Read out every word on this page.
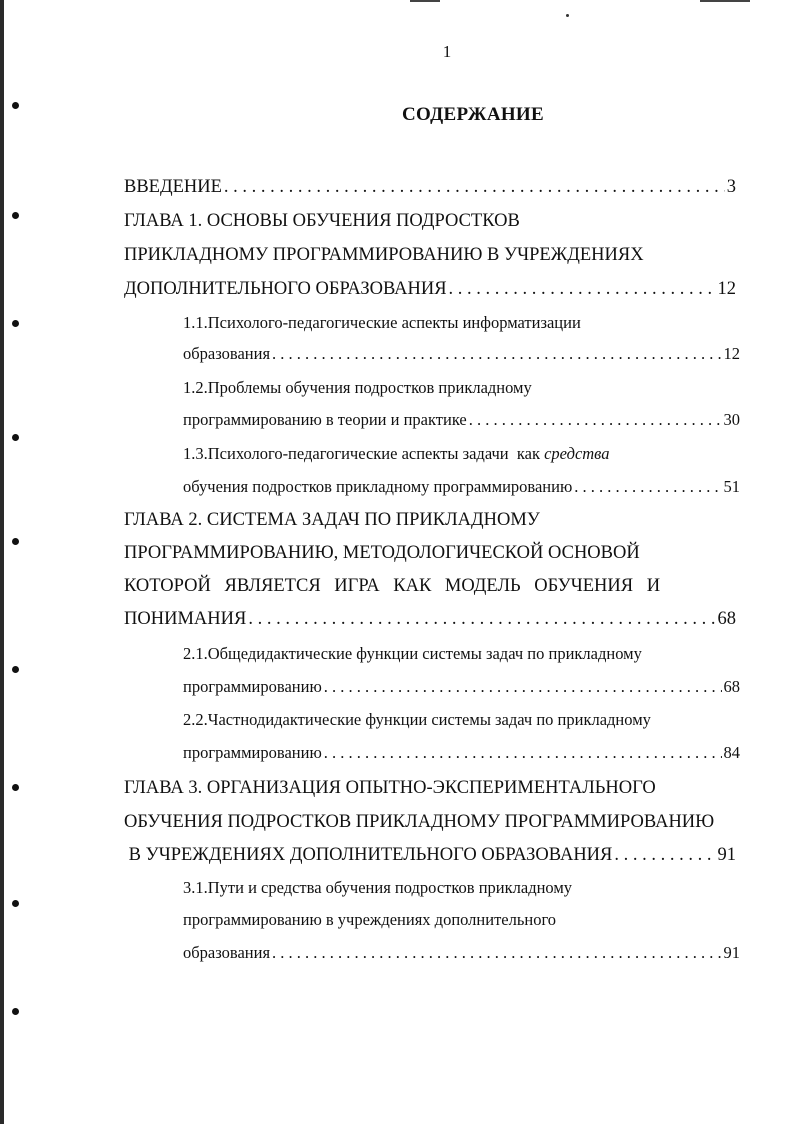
1
СОДЕРЖАНИЕ
ВВЕДЕНИЕ . . .	3
ГЛАВА 1. ОСНОВЫ ОБУЧЕНИЯ ПОДРОСТКОВ
ПРИКЛАДНОМУ ПРОГРАММИРОВАНИЮ В УЧРЕЖДЕНИЯХ
ДОПОЛНИТЕЛЬНОГО ОБРАЗОВАНИЯ . . .	12
1.1.Психолого-педагогические аспекты информатизации
образования . . .	12
1.2.Проблемы обучения подростков прикладному
программированию в теории и практике . . .	30
1.3.Психолого-педагогические аспекты задачи  как средства
обучения подростков прикладному программированию . . .	51
ГЛАВА 2. СИСТЕМА ЗАДАЧ ПО ПРИКЛАДНОМУ
ПРОГРАММИРОВАНИЮ, МЕТОДОЛОГИЧЕСКОЙ ОСНОВОЙ
КОТОРОЙ ЯВЛЯЕТСЯ ИГРА КАК МОДЕЛЬ ОБУЧЕНИЯ И
ПОНИМАНИЯ . . .	68
2.1.Общедидактические функции системы задач по прикладному
программированию . . .	68
2.2.Частнодидактические функции системы задач по прикладному
программированию . . .	84
ГЛАВА 3. ОРГАНИЗАЦИЯ ОПЫТНО-ЭКСПЕРИМЕНТАЛЬНОГО
ОБУЧЕНИЯ ПОДРОСТКОВ ПРИКЛАДНОМУ ПРОГРАММИРОВАНИЮ
В УЧРЕЖДЕНИЯХ ДОПОЛНИТЕЛЬНОГО ОБРАЗОВАНИЯ . . .	91
3.1.Пути и средства обучения подростков прикладному
программированию в учреждениях дополнительного
образования . . .	91
